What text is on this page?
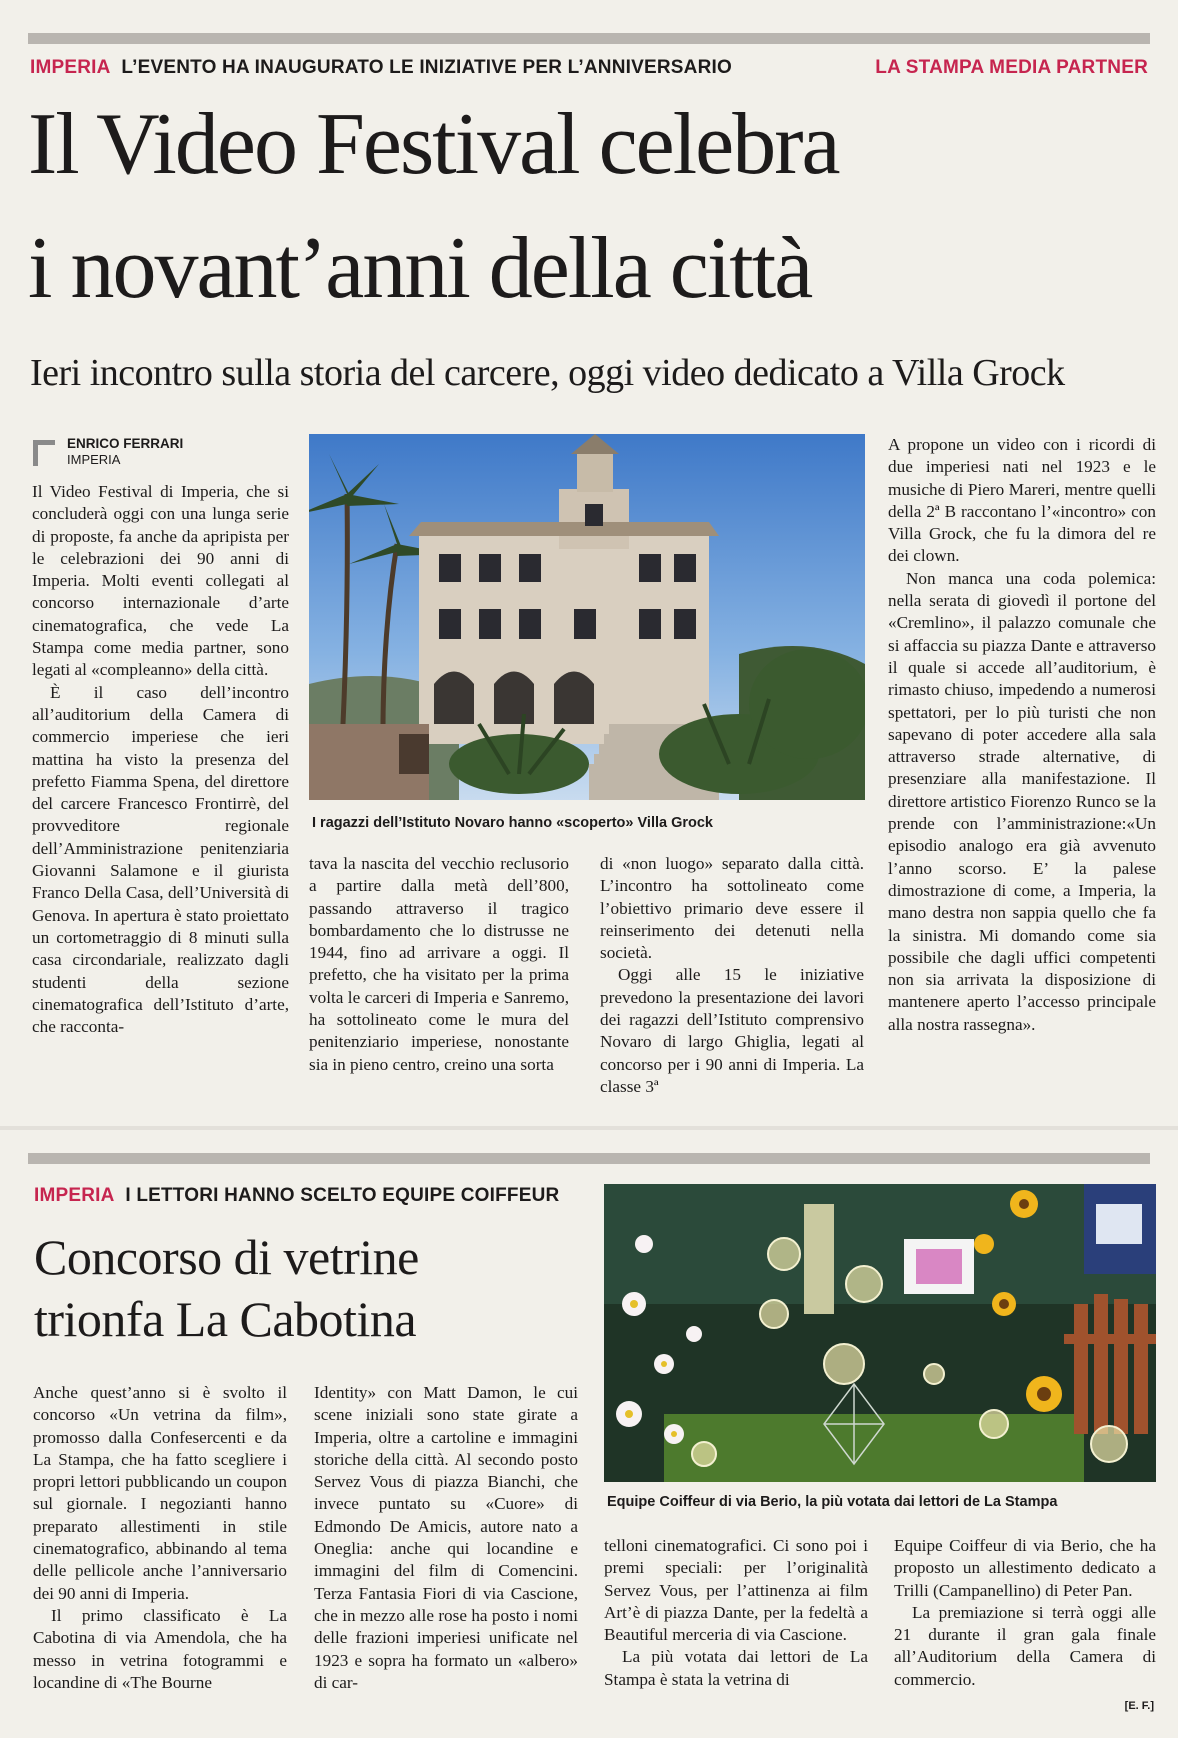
IMPERIA L’EVENTO HA INAUGURATO LE INIZIATIVE PER L’ANNIVERSARIO	LA STAMPA MEDIA PARTNER
Il Video Festival celebra
i novant’anni della città
Ieri incontro sulla storia del carcere, oggi video dedicato a Villa Grock
ENRICO FERRARI
IMPERIA

Il Video Festival di Imperia, che si concluderà oggi con una lunga serie di proposte, fa anche da apripista per le celebrazioni dei 90 anni di Imperia. Molti eventi collegati al concorso internazionale d’arte cinematografica, che vede La Stampa come media partner, sono legati al «compleanno» della città.

È il caso dell’incontro all’auditorium della Camera di commercio imperiese che ieri mattina ha visto la presenza del prefetto Fiamma Spena, del direttore del carcere Francesco Frontirrè, del provveditore regionale dell’Amministrazione penitenziaria Giovanni Salamone e il giurista Franco Della Casa, dell’Università di Genova. In apertura è stato proiettato un cortometraggio di 8 minuti sulla casa circondariale, realizzato dagli studenti della sezione cinematografica dell’Istituto d’arte, che racconta-

I ragazzi dell’Istituto Novaro hanno «scoperto» Villa Grock

tava la nascita del vecchio reclusorio a partire dalla metà dell’800, passando attraverso il tragico bombardamento che lo distrusse ne 1944, fino ad arrivare a oggi. Il prefetto, che ha visitato per la prima volta le carceri di Imperia e Sanremo, ha sottolineato come le mura del penitenziario imperiese, nonostante sia in pieno centro, creino una sorta

di «non luogo» separato dalla città. L’incontro ha sottolineato come l’obiettivo primario deve essere il reinserimento dei detenuti nella società.

Oggi alle 15 le iniziative prevedono la presentazione dei lavori dei ragazzi dell’Istituto comprensivo Novaro di largo Ghiglia, legati al concorso per i 90 anni di Imperia. La classe 3ª

A propone un video con i ricordi di due imperiesi nati nel 1923 e le musiche di Piero Mareri, mentre quelli della 2ª B raccontano l’«incontro» con Villa Grock, che fu la dimora del re dei clown.

Non manca una coda polemica: nella serata di giovedì il portone del «Cremlino», il palazzo comunale che si affaccia su piazza Dante e attraverso il quale si accede all’auditorium, è rimasto chiuso, impedendo a numerosi spettatori, per lo più turisti che non sapevano di poter accedere alla sala attraverso strade alternative, di presenziare alla manifestazione. Il direttore artistico Fiorenzo Runco se la prende con l’amministrazione:«Un episodio analogo era già avvenuto l’anno scorso. E’ la palese dimostrazione di come, a Imperia, la mano destra non sappia quello che fa la sinistra. Mi domando come sia possibile che dagli uffici competenti non sia arrivata la disposizione di mantenere aperto l’accesso principale alla nostra rassegna».

IMPERIA I LETTORI HANNO SCELTO EQUIPE COIFFEUR
Concorso di vetrine
trionfa La Cabotina
Equipe Coiffeur di via Berio, la più votata dai lettori de La Stampa

Anche quest’anno si è svolto il concorso «Un vetrina da film», promosso dalla Confesercenti e da La Stampa, che ha fatto scegliere i propri lettori pubblicando un coupon sul giornale. I negozianti hanno preparato allestimenti in stile cinematografico, abbinando al tema delle pellicole anche l’anniversario dei 90 anni di Imperia.

Il primo classificato è La Cabotina di via Amendola, che ha messo in vetrina fotogrammi e locandine di «The Bourne

Identity» con Matt Damon, le cui scene iniziali sono state girate a Imperia, oltre a cartoline e immagini storiche della città. Al secondo posto Servez Vous di piazza Bianchi, che invece puntato su «Cuore» di Edmondo De Amicis, autore nato a Oneglia: anche qui locandine e immagini del film di Comencini. Terza Fantasia Fiori di via Cascione, che in mezzo alle rose ha posto i nomi delle frazioni imperiesi unificate nel 1923 e sopra ha formato un «albero» di car-

telloni cinematografici. Ci sono poi i premi speciali: per l’originalità Servez Vous, per l’attinenza ai film Art’è di piazza Dante, per la fedeltà a Beautiful merceria di via Cascione.

La più votata dai lettori de La Stampa è stata la vetrina di

Equipe Coiffeur di via Berio, che ha proposto un allestimento dedicato a Trilli (Campanellino) di Peter Pan.

La premiazione si terrà oggi alle 21 durante il gran gala finale all’Auditorium della Camera di commercio.

[E. F.]
